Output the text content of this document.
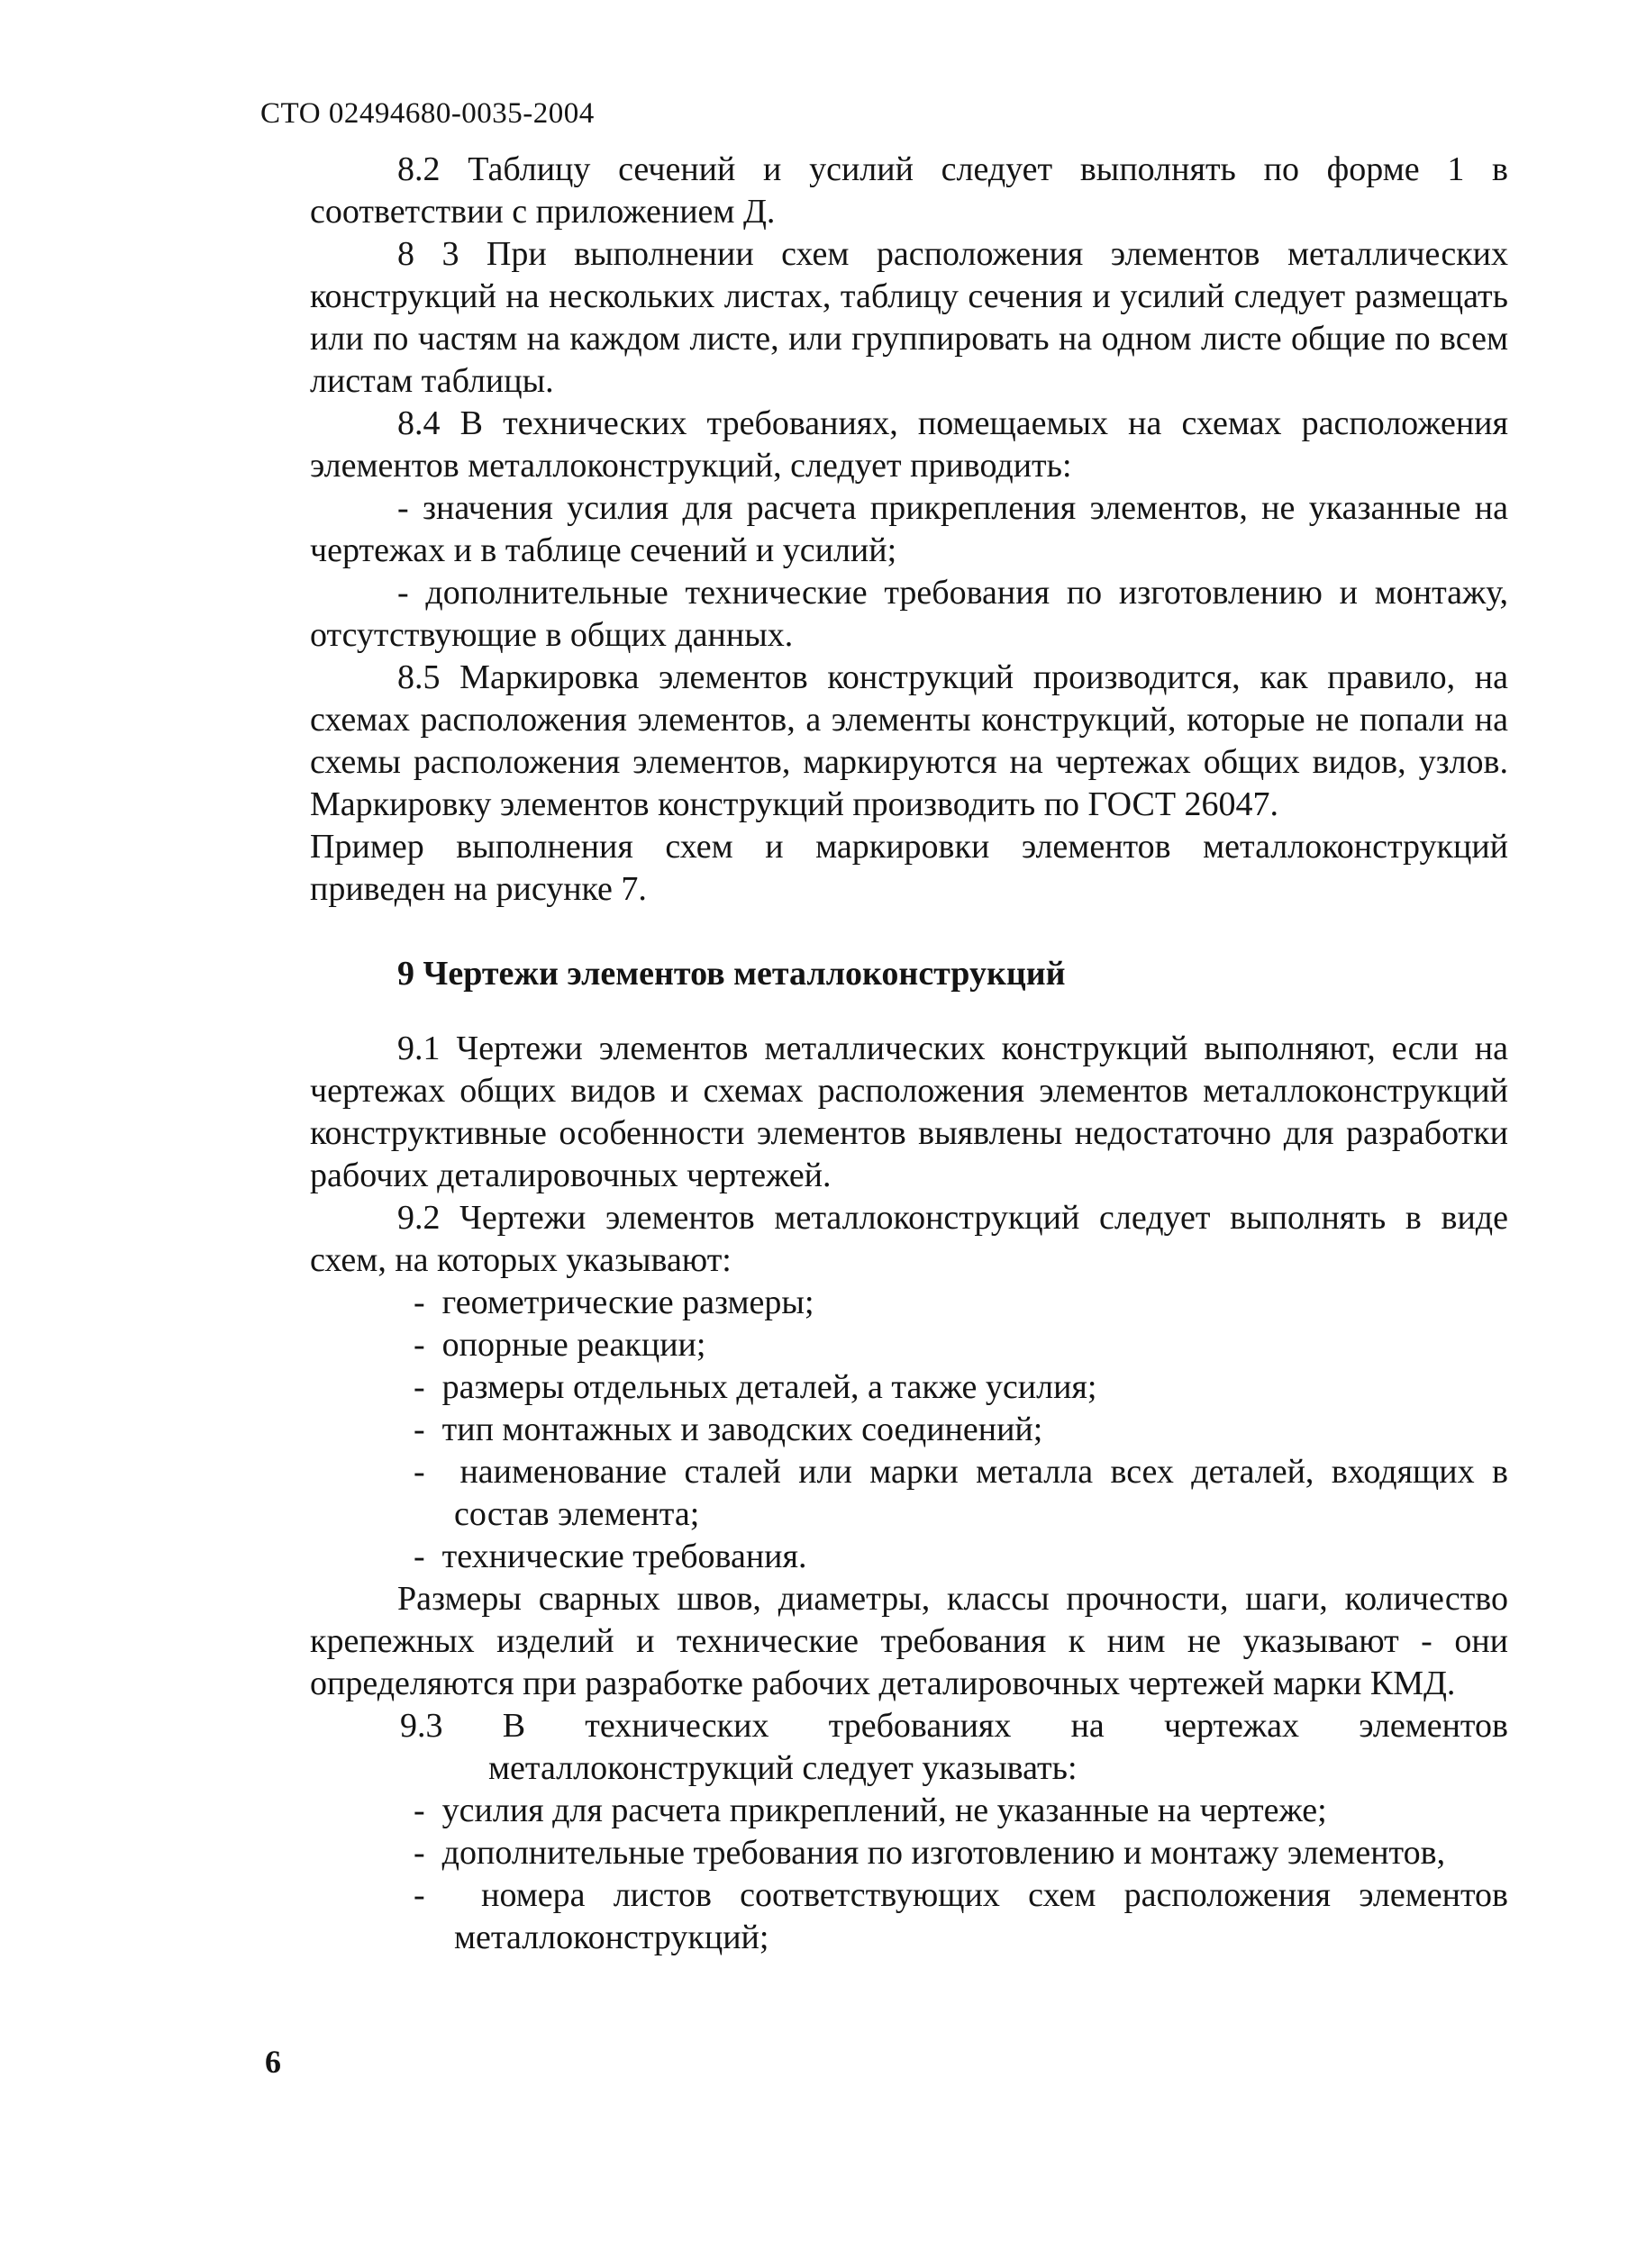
СТО 02494680-0035-2004

8.2 Таблицу сечений и усилий следует выполнять по форме 1 в соответствии с приложением Д.

8 3 При выполнении схем расположения элементов металлических конструкций на нескольких листах, таблицу сечения и усилий следует размещать или по частям на каждом листе, или группировать на одном листе общие по всем листам таблицы.

8.4 В технических требованиях, помещаемых на схемах расположения элементов металлоконструкций, следует приводить:

- значения усилия для расчета прикрепления элементов, не указанные на чертежах и в таблице сечений и усилий;

- дополнительные технические требования по изготовлению и монтажу, отсутствующие в общих данных.

8.5 Маркировка элементов конструкций производится, как правило, на схемах расположения элементов, а элементы конструкций, которые не попали на схемы расположения элементов, маркируются на чертежах общих видов, узлов. Маркировку элементов конструкций производить по ГОСТ 26047.

Пример выполнения схем и маркировки элементов металлоконструкций приведен на рисунке 7.

9 Чертежи элементов металлоконструкций

9.1 Чертежи элементов металлических конструкций выполняют, если на чертежах общих видов и схемах расположения элементов металлоконструкций конструктивные особенности элементов выявлены недостаточно для разработки рабочих деталировочных чертежей.

9.2 Чертежи элементов металлоконструкций следует выполнять в виде схем, на которых указывают:

- геометрические размеры;

- опорные реакции;

- размеры отдельных деталей, а также усилия;

- тип монтажных и заводских соединений;

- наименование сталей или марки металла всех деталей, входящих в состав элемента;

- технические требования.

Размеры сварных швов, диаметры, классы прочности, шаги, количество крепежных изделий и технические требования к ним не указывают - они определяются при разработке рабочих деталировочных чертежей марки КМД.

9.3 В технических требованиях на чертежах элементов

металлоконструкций следует указывать:

- усилия для расчета прикреплений, не указанные на чертеже;

- дополнительные требования по изготовлению и монтажу элементов,

- номера листов соответствующих схем расположения элементов металлоконструкций;

6
